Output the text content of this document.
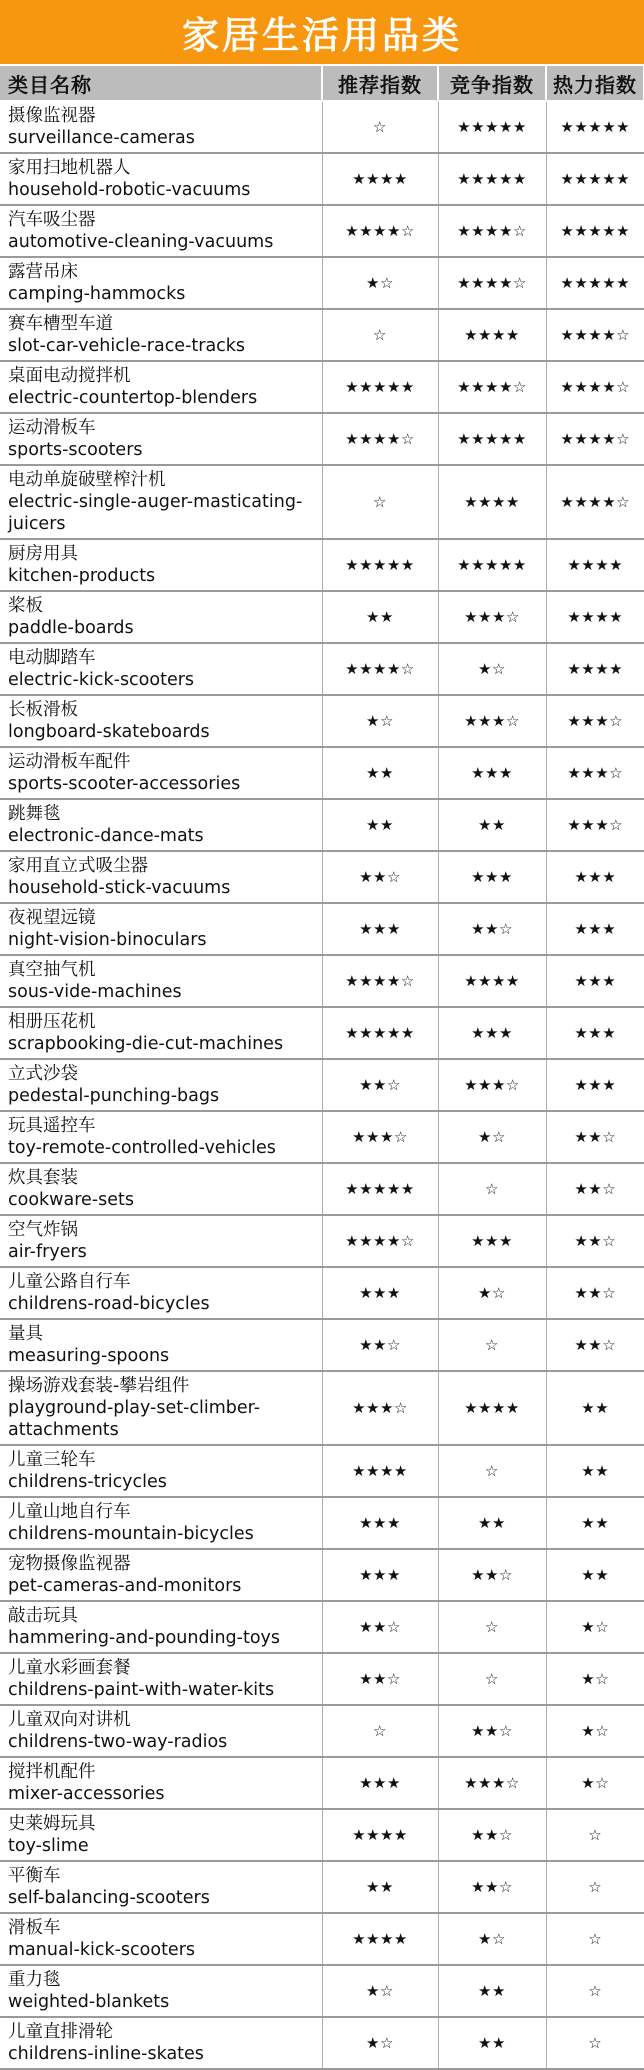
家居生活用品类
类目名称	推荐指数	竞争指数	热力指数

摄像监视器
surveillance-cameras	☆	★★★★★	★★★★★

家用扫地机器人
household-robotic-vacuums	★★★★	★★★★★	★★★★★

汽车吸尘器
automotive-cleaning-vacuums	★★★★☆	★★★★☆	★★★★★

露营吊床
camping-hammocks	★☆	★★★★☆	★★★★★

赛车槽型车道
slot-car-vehicle-race-tracks	☆	★★★★	★★★★☆

桌面电动搅拌机
electric-countertop-blenders	★★★★★	★★★★☆	★★★★☆

运动滑板车
sports-scooters	★★★★☆	★★★★★	★★★★☆

电动单旋破壁榨汁机
electric-single-auger-masticating-juicers	☆	★★★★	★★★★☆

厨房用具
kitchen-products	★★★★★	★★★★★	★★★★

桨板
paddle-boards	★★	★★★☆	★★★★

电动脚踏车
electric-kick-scooters	★★★★☆	★☆	★★★★

长板滑板
longboard-skateboards	★☆	★★★☆	★★★☆

运动滑板车配件
sports-scooter-accessories	★★	★★★	★★★☆

跳舞毯
electronic-dance-mats	★★	★★	★★★☆

家用直立式吸尘器
household-stick-vacuums	★★☆	★★★	★★★

夜视望远镜
night-vision-binoculars	★★★	★★☆	★★★

真空抽气机
sous-vide-machines	★★★★☆	★★★★	★★★

相册压花机
scrapbooking-die-cut-machines	★★★★★	★★★	★★★

立式沙袋
pedestal-punching-bags	★★☆	★★★☆	★★★

玩具遥控车
toy-remote-controlled-vehicles	★★★☆	★☆	★★☆

炊具套装
cookware-sets	★★★★★	☆	★★☆

空气炸锅
air-fryers	★★★★☆	★★★	★★☆

儿童公路自行车
childrens-road-bicycles	★★★	★☆	★★☆

量具
measuring-spoons	★★☆	☆	★★☆

操场游戏套装-攀岩组件
playground-play-set-climber-attachments	★★★☆	★★★★	★★

儿童三轮车
childrens-tricycles	★★★★	☆	★★

儿童山地自行车
childrens-mountain-bicycles	★★★	★★	★★

宠物摄像监视器
pet-cameras-and-monitors	★★★	★★☆	★★

敲击玩具
hammering-and-pounding-toys	★★☆	☆	★☆

儿童水彩画套餐
childrens-paint-with-water-kits	★★☆	☆	★☆

儿童双向对讲机
childrens-two-way-radios	☆	★★☆	★☆

搅拌机配件
mixer-accessories	★★★	★★★☆	★☆

史莱姆玩具
toy-slime	★★★★	★★☆	☆

平衡车
self-balancing-scooters	★★	★★☆	☆

滑板车
manual-kick-scooters	★★★★	★☆	☆

重力毯
weighted-blankets	★☆	★★	☆

儿童直排滑轮
childrens-inline-skates	★☆	★★	☆
